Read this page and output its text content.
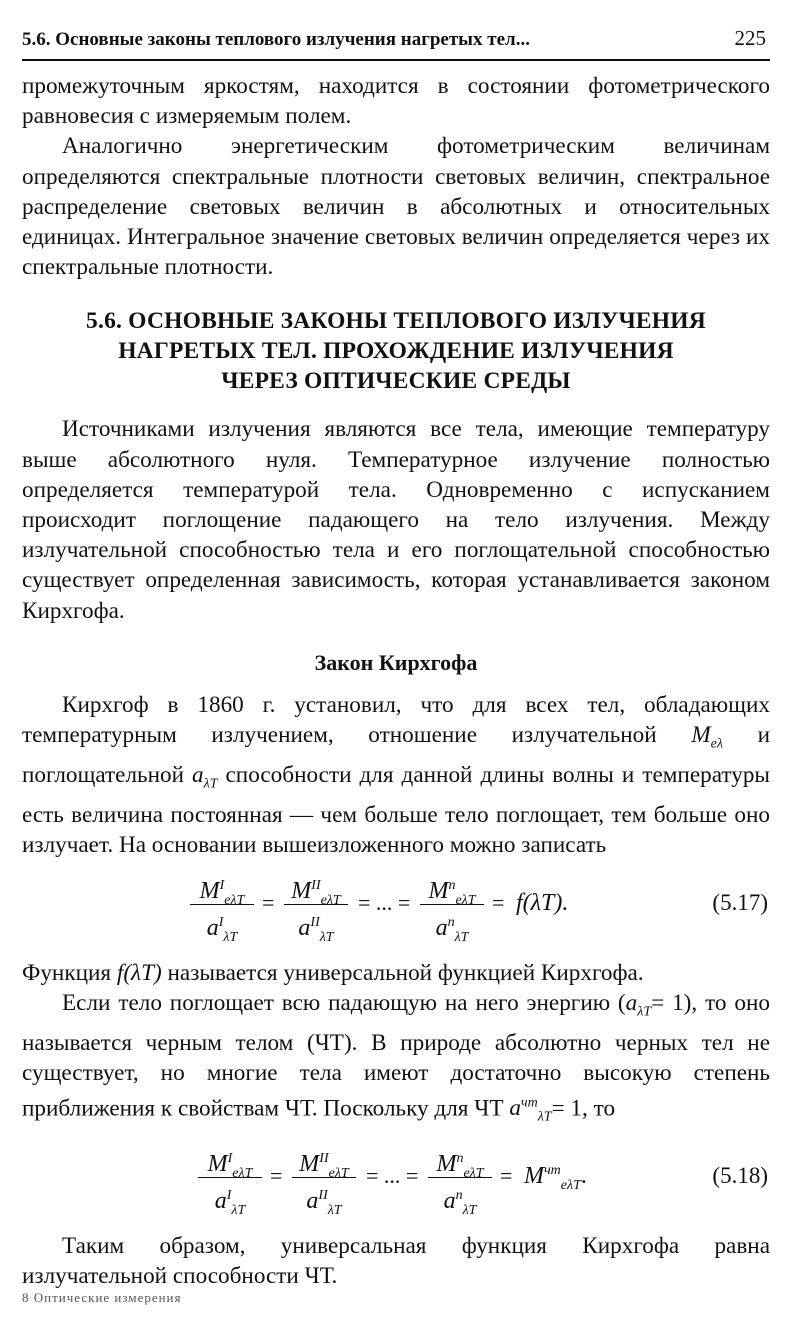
5.6. Основные законы теплового излучения нагретых тел...	225

промежуточным яркостям, находится в состоянии фотометрического равновесия с измеряемым полем.

Аналогично энергетическим фотометрическим величинам определяются спектральные плотности световых величин, спектральное распределение световых величин в абсолютных и относительных единицах. Интегральное значение световых величин определяется через их спектральные плотности.

5.6. ОСНОВНЫЕ ЗАКОНЫ ТЕПЛОВОГО ИЗЛУЧЕНИЯ
НАГРЕТЫХ ТЕЛ. ПРОХОЖДЕНИЕ ИЗЛУЧЕНИЯ
ЧЕРЕЗ ОПТИЧЕСКИЕ СРЕДЫ

Источниками излучения являются все тела, имеющие температуру выше абсолютного нуля. Температурное излучение полностью определяется температурой тела. Одновременно с испусканием происходит поглощение падающего на тело излучения. Между излучательной способностью тела и его поглощательной способностью существует определенная зависимость, которая устанавливается законом Кирхгофа.

Закон Кирхгофа

Кирхгоф в 1860 г. установил, что для всех тел, обладающих температурным излучением, отношение излучательной $M_{e\lambda}$ и поглощательной $a_{\lambda T}$ способности для данной длины волны и температуры есть величина постоянная — чем больше тело поглощает, тем больше оно излучает. На основании вышеизложенного можно записать

$M^I_{e\lambda T}$
$a^I_{\lambda T}$
= $M^{II}_{e\lambda T}$
$a^{II}_{\lambda T}$
= ... = $M^n_{e\lambda T}$
$a^n_{\lambda T}$
= f(λT).	(5.17)

Функция f(λT) называется универсальной функцией Кирхгофа.

Если тело поглощает всю падающую на него энергию $(a_{\lambda T}= 1)$, то оно называется черным телом (ЧТ). В природе абсолютно черных тел не существует, но многие тела имеют достаточно высокую степень приближения к свойствам ЧТ. Поскольку для ЧТ $a^{чт}_{\lambda T}= 1$, то

$M^I_{e\lambda T}$
$a^I_{\lambda T}$
= $M^{II}_{e\lambda T}$
$a^{II}_{\lambda T}$
= ... = $M^n_{e\lambda T}$
$a^n_{\lambda T}$
= $M^{чт}_{e\lambda T}$.	(5.18)

Таким образом, универсальная функция Кирхгофа равна излучательной способности ЧТ.

8 Оптические измерения
